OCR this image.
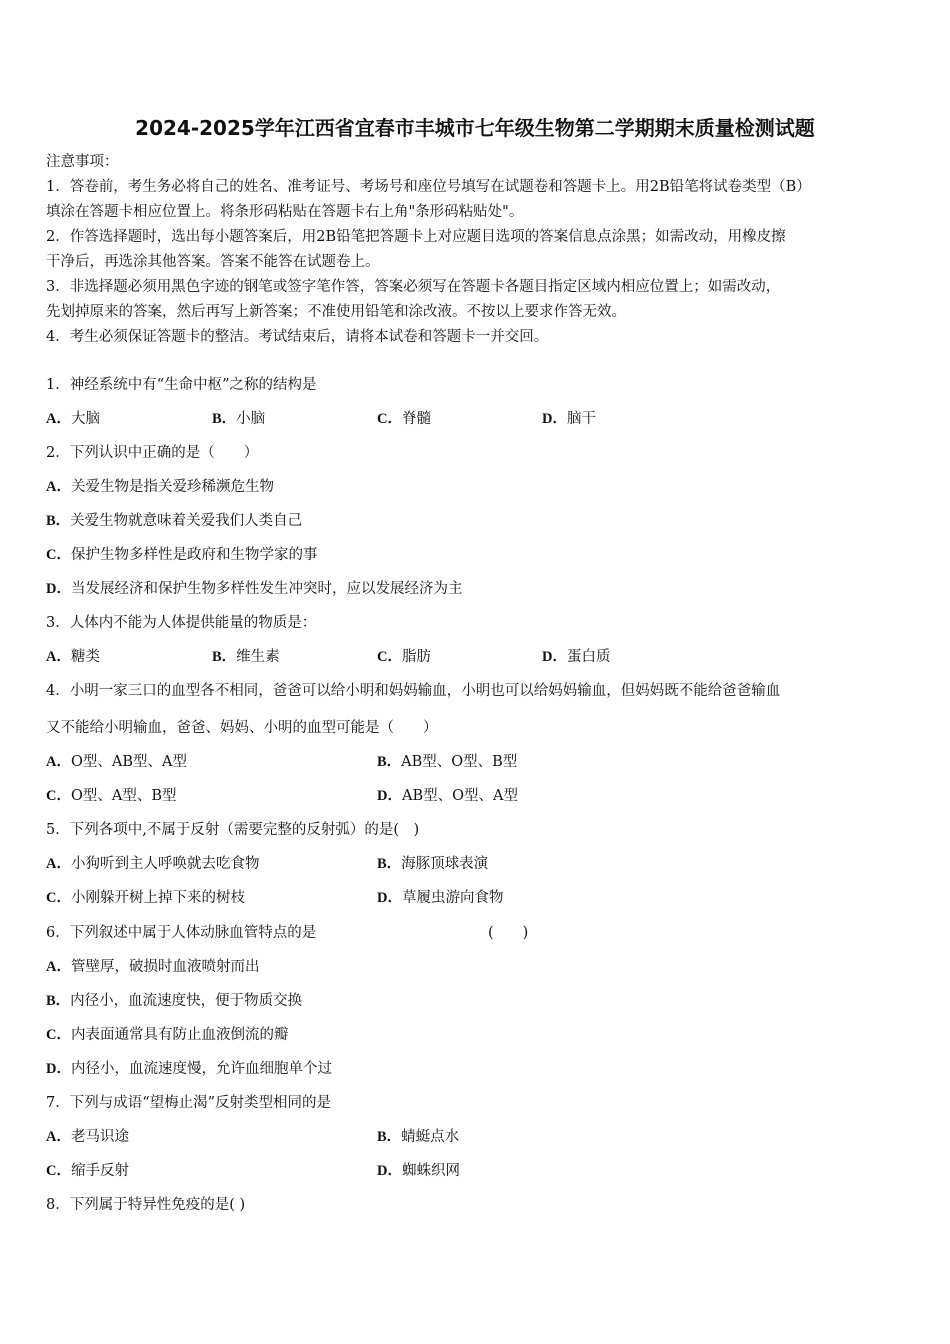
2024-2025学年江西省宜春市丰城市七年级生物第二学期期末质量检测试题

注意事项：

1．答卷前，考生务必将自己的姓名、准考证号、考场号和座位号填写在试题卷和答题卡上。用2B铅笔将试卷类型（B）

填涂在答题卡相应位置上。将条形码粘贴在答题卡右上角"条形码粘贴处"。

2．作答选择题时，选出每小题答案后，用2B铅笔把答题卡上对应题目选项的答案信息点涂黑；如需改动，用橡皮擦

干净后，再选涂其他答案。答案不能答在试题卷上。

3．非选择题必须用黑色字迹的钢笔或签字笔作答，答案必须写在答题卡各题目指定区域内相应位置上；如需改动，

先划掉原来的答案，然后再写上新答案；不准使用铅笔和涂改液。不按以上要求作答无效。

4．考生必须保证答题卡的整洁。考试结束后，请将本试卷和答题卡一并交回。

1．神经系统中有“生命中枢”之称的结构是
A．大脑	B．小脑	C．脊髓	D．脑干
2．下列认识中正确的是（　　）
A．关爱生物是指关爱珍稀濒危生物
B．关爱生物就意味着关爱我们人类自己
C．保护生物多样性是政府和生物学家的事
D．当发展经济和保护生物多样性发生冲突时，应以发展经济为主
3．人体内不能为人体提供能量的物质是：
A．糖类	B．维生素	C．脂肪	D．蛋白质
4．小明一家三口的血型各不相同，爸爸可以给小明和妈妈输血，小明也可以给妈妈输血，但妈妈既不能给爸爸输血
又不能给小明输血，爸爸、妈妈、小明的血型可能是（　　）
A．O型、AB型、A型	B．AB型、O型、B型
C．O型、A型、B型	D．AB型、O型、A型
5．下列各项中,不属于反射（需要完整的反射弧）的是(　)
A．小狗听到主人呼唤就去吃食物	B．海豚顶球表演
C．小刚躲开树上掉下来的树枝	D．草履虫游向食物
6．下列叙述中属于人体动脉血管特点的是	(　　)
A．管壁厚，破损时血液喷射而出
B．内径小，血流速度快，便于物质交换
C．内表面通常具有防止血液倒流的瓣
D．内径小，血流速度慢，允许血细胞单个过
7．下列与成语“望梅止渴”反射类型相同的是
A．老马识途	B．蜻蜓点水
C．缩手反射	D．蜘蛛织网
8．下列属于特异性免疫的是( )
